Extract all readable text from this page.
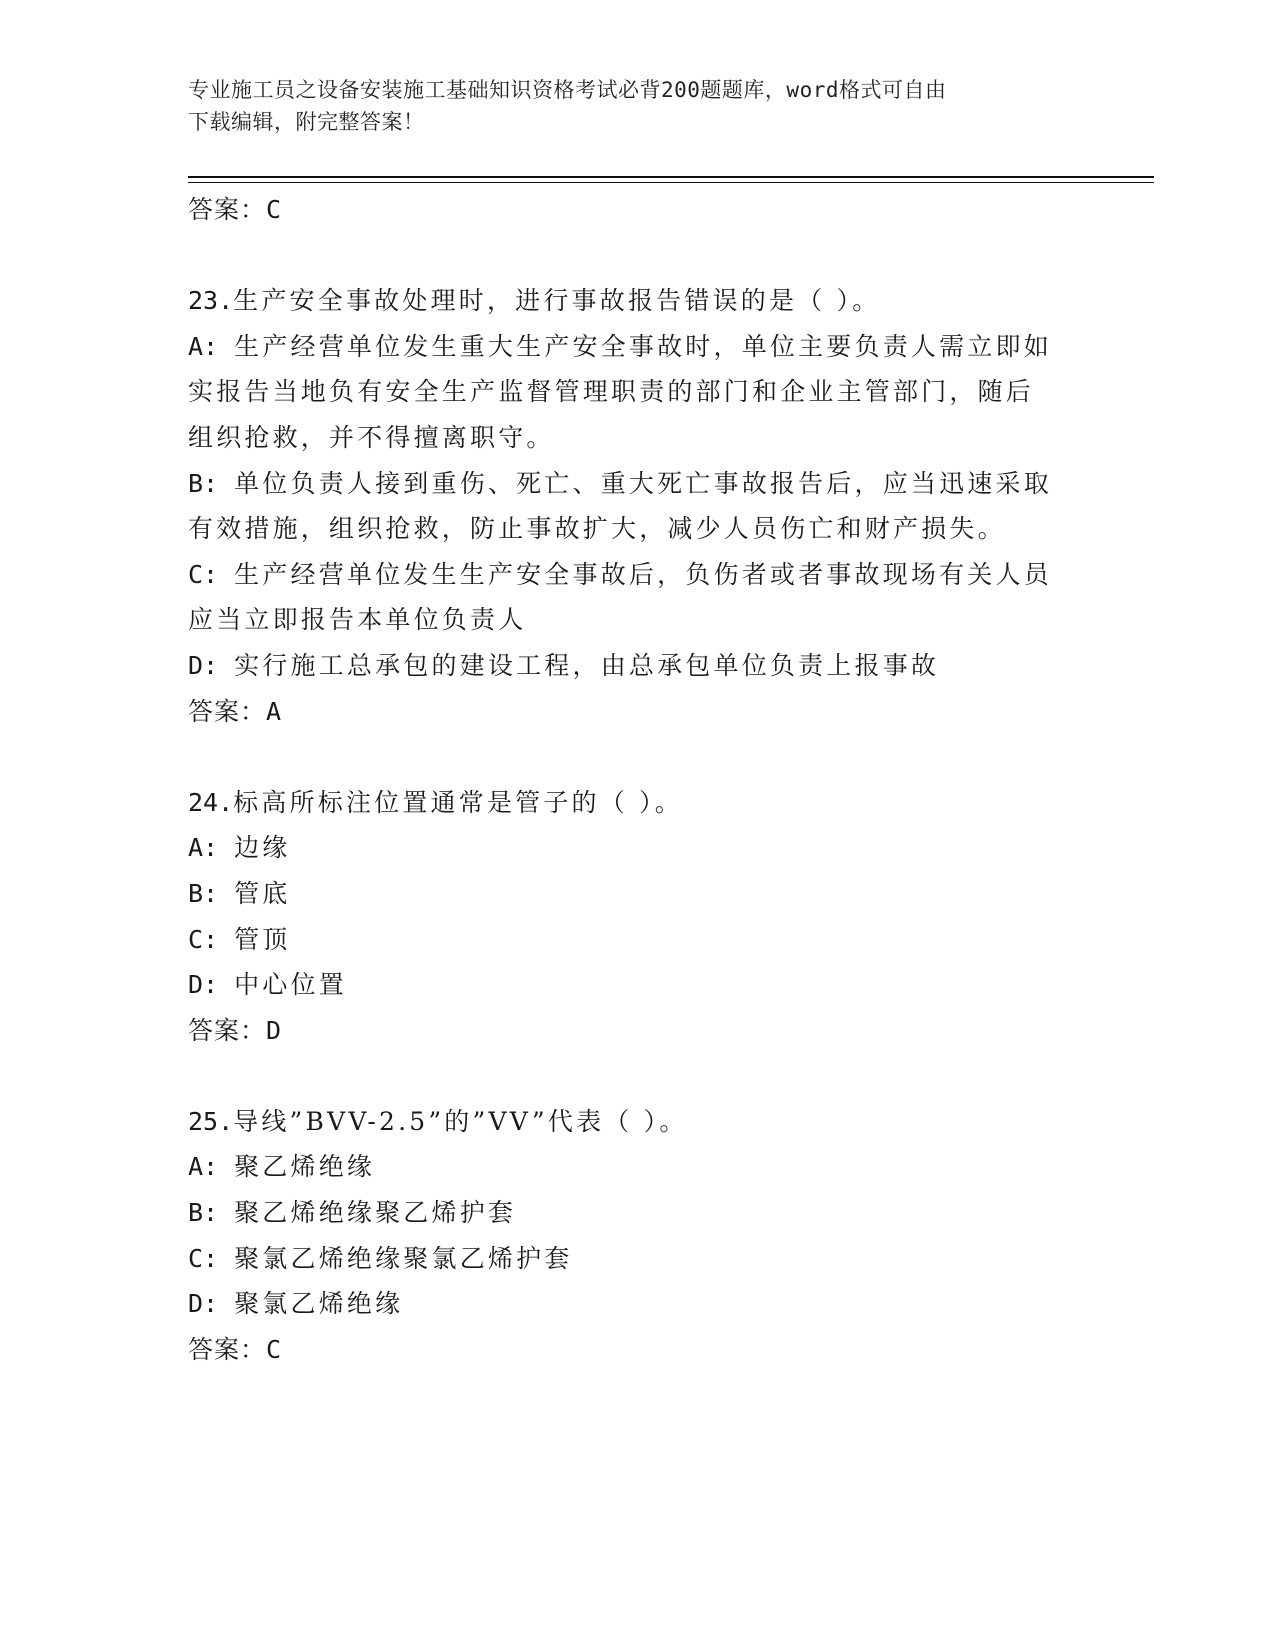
专业施工员之设备安装施工基础知识资格考试必背200题题库，word格式可自由
下载编辑，附完整答案！
答案：C
23.生产安全事故处理时，进行事故报告错误的是（ ）。
A: 生产经营单位发生重大生产安全事故时，单位主要负责人需立即如
实报告当地负有安全生产监督管理职责的部门和企业主管部门，随后
组织抢救，并不得擅离职守。
B: 单位负责人接到重伤、死亡、重大死亡事故报告后，应当迅速采取
有效措施，组织抢救，防止事故扩大，减少人员伤亡和财产损失。
C: 生产经营单位发生生产安全事故后，负伤者或者事故现场有关人员
应当立即报告本单位负责人
D: 实行施工总承包的建设工程，由总承包单位负责上报事故
答案：A
24.标高所标注位置通常是管子的（ ）。
A: 边缘
B: 管底
C: 管顶
D: 中心位置
答案：D
25.导线”BVV-2.5”的”VV”代表（ ）。
A: 聚乙烯绝缘
B: 聚乙烯绝缘聚乙烯护套
C: 聚氯乙烯绝缘聚氯乙烯护套
D: 聚氯乙烯绝缘
答案：C
